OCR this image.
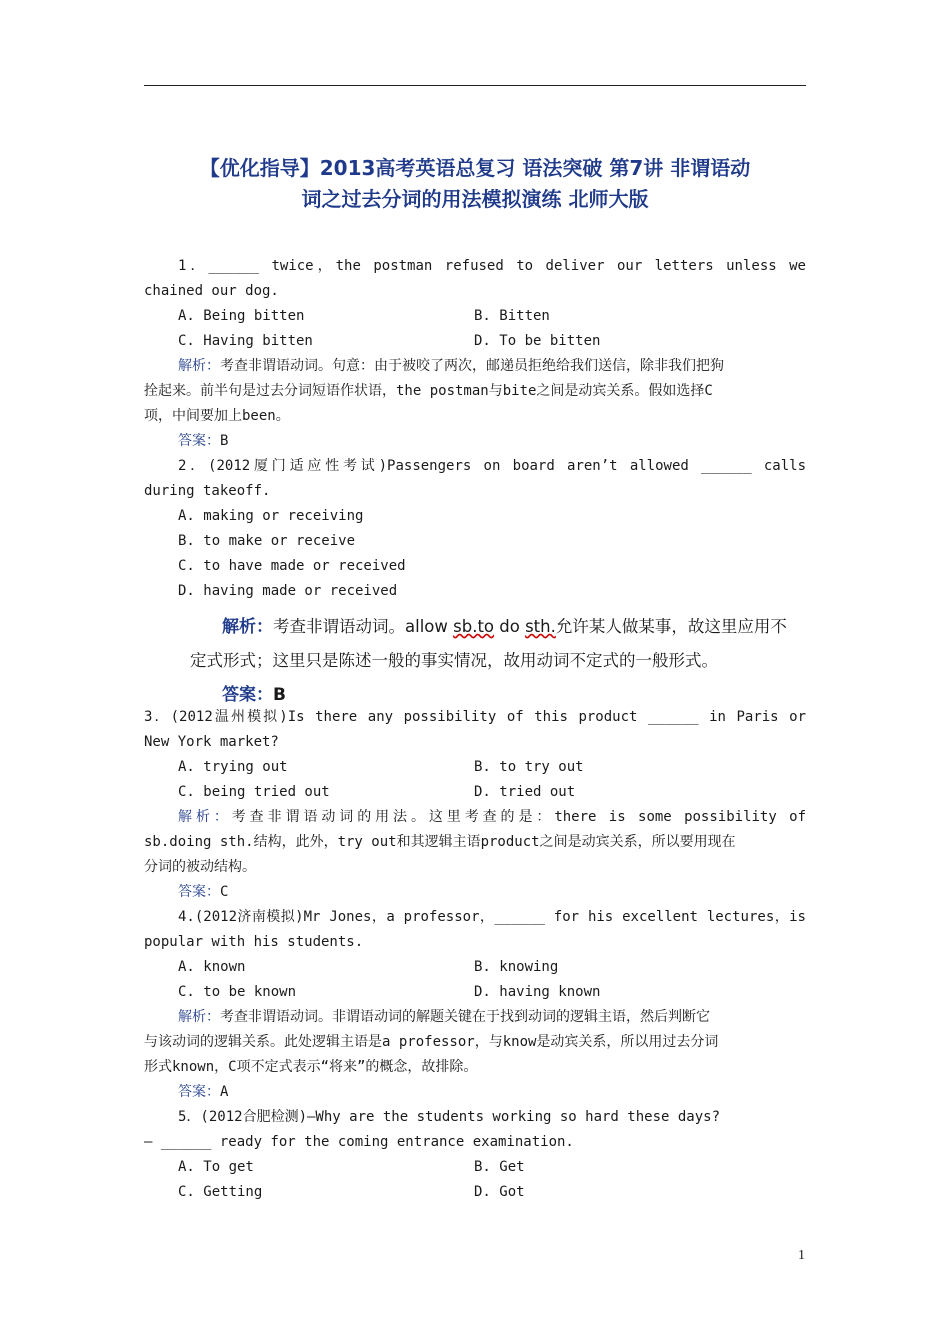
【优化指导】2013高考英语总复习 语法突破 第7讲 非谓语动
词之过去分词的用法模拟演练 北师大版
1．______ twice，the postman refused to deliver our letters unless we
chained our dog.
A. Being bitten	B. Bitten
C. Having bitten	D. To be bitten
解析：考查非谓语动词。句意：由于被咬了两次，邮递员拒绝给我们送信，除非我们把狗
拴起来。前半句是过去分词短语作状语，the postman与bite之间是动宾关系。假如选择C
项，中间要加上been。
答案：B
2．(2012厦门适应性考试)Passengers on board aren’t allowed ______ calls
during takeoff.
A. making or receiving
B. to make or receive
C. to have made or received
D. having made or received
解析：考查非谓语动词。allow sb.to do sth.允许某人做某事，故这里应用不
定式形式；这里只是陈述一般的事实情况，故用动词不定式的一般形式。
答案：B
3．(2012温州模拟)Is there any possibility of this product ______ in Paris or
New York market?
A. trying out	B. to try out
C. being tried out	D. tried out
解析：考查非谓语动词的用法。这里考查的是：there is some possibility of
sb.doing sth.结构，此外，try out和其逻辑主语product之间是动宾关系，所以要用现在
分词的被动结构。
答案：C
4.(2012济南模拟)Mr Jones，a professor，______ for his excellent lectures，is
popular with his students.
A. known	B. knowing
C. to be known	D. having known
解析：考查非谓语动词。非谓语动词的解题关键在于找到动词的逻辑主语，然后判断它
与该动词的逻辑关系。此处逻辑主语是a professor，与know是动宾关系，所以用过去分词
形式known，C项不定式表示“将来”的概念，故排除。
答案：A
5．(2012合肥检测)—Why are the students working so hard these days?
— ______ ready for the coming entrance examination.
A. To get	B. Get
C. Getting	D. Got
1
